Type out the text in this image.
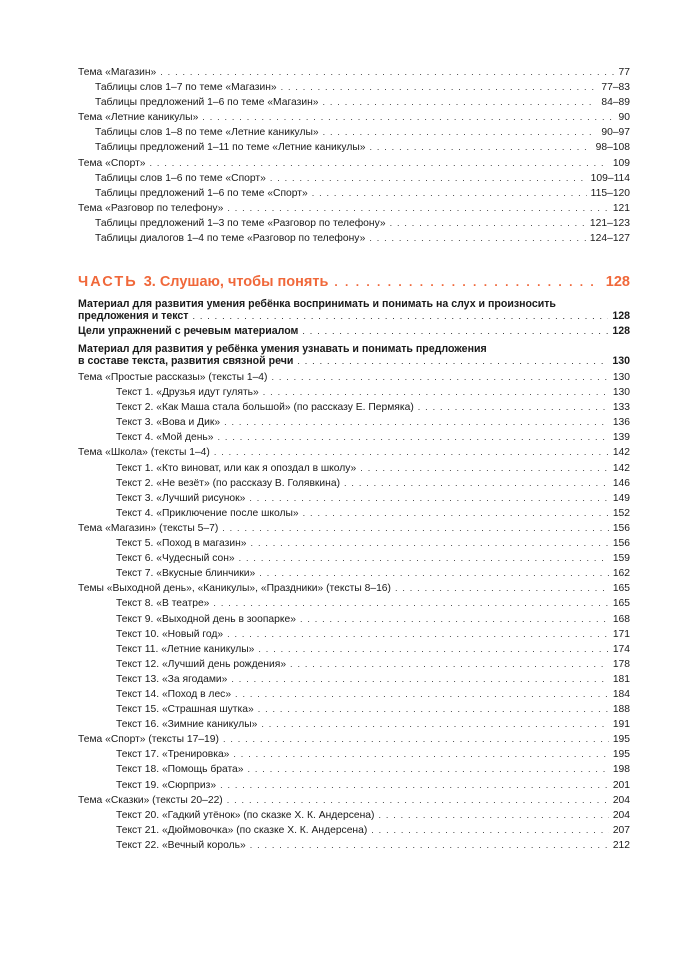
Тема «Магазин» . . .	77
Таблицы слов 1–7 по теме «Магазин» . . .	77–83
Таблицы предложений 1–6 по теме «Магазин» . . .	84–89
Тема «Летние каникулы» . . .	90
Таблицы слов 1–8 по теме «Летние каникулы» . . .	90–97
Таблицы предложений 1–11 по теме «Летние каникулы» . . .	98–108
Тема «Спорт» . . .	109
Таблицы слов 1–6 по теме «Спорт» . . .	109–114
Таблицы предложений 1–6 по теме «Спорт» . . .	115–120
Тема «Разговор по телефону» . . .	121
Таблицы предложений 1–3 по теме «Разговор по телефону» . . .	121–123
Таблицы диалогов 1–4 по теме «Разговор по телефону» . . .	124–127
ЧАСТЬ 3. Слушаю, чтобы понять . . .	128
Материал для развития умения ребёнка воспринимать и понимать на слух и произносить
предложения и текст . . .	128
Цели упражнений с речевым материалом . . .	128
Материал для развития у ребёнка умения узнавать и понимать предложения
в составе текста, развития связной речи . . .	130
Тема «Простые рассказы» (тексты 1–4) . . .	130
Текст 1. «Друзья идут гулять» . . .	130
Текст 2. «Как Маша стала большой» (по рассказу Е. Пермяка) . . .	133
Текст 3. «Вова и Дик» . . .	136
Текст 4. «Мой день» . . .	139
Тема «Школа» (тексты 1–4) . . .	142
Текст 1. «Кто виноват, или как я опоздал в школу» . . .	142
Текст 2. «Не везёт» (по рассказу В. Голявкина) . . .	146
Текст 3. «Лучший рисунок» . . .	149
Текст 4. «Приключение после школы» . . .	152
Тема «Магазин» (тексты 5–7) . . .	156
Текст 5. «Поход в магазин» . . .	156
Текст 6. «Чудесный сон» . . .	159
Текст 7. «Вкусные блинчики» . . .	162
Темы «Выходной день», «Каникулы», «Праздники» (тексты 8–16) . . .	165
Текст 8. «В театре» . . .	165
Текст 9. «Выходной день в зоопарке» . . .	168
Текст 10. «Новый год» . . .	171
Текст 11. «Летние каникулы» . . .	174
Текст 12. «Лучший день рождения» . . .	178
Текст 13. «За ягодами» . . .	181
Текст 14. «Поход в лес» . . .	184
Текст 15. «Страшная шутка» . . .	188
Текст 16. «Зимние каникулы» . . .	191
Тема «Спорт» (тексты 17–19) . . .	195
Текст 17. «Тренировка» . . .	195
Текст 18. «Помощь брата» . . .	198
Текст 19. «Сюрприз» . . .	201
Тема «Сказки» (тексты 20–22) . . .	204
Текст 20. «Гадкий утёнок» (по сказке Х. К. Андерсена) . . .	204
Текст 21. «Дюймовочка» (по сказке Х. К. Андерсена) . . .	207
Текст 22. «Вечный король» . . .	212
